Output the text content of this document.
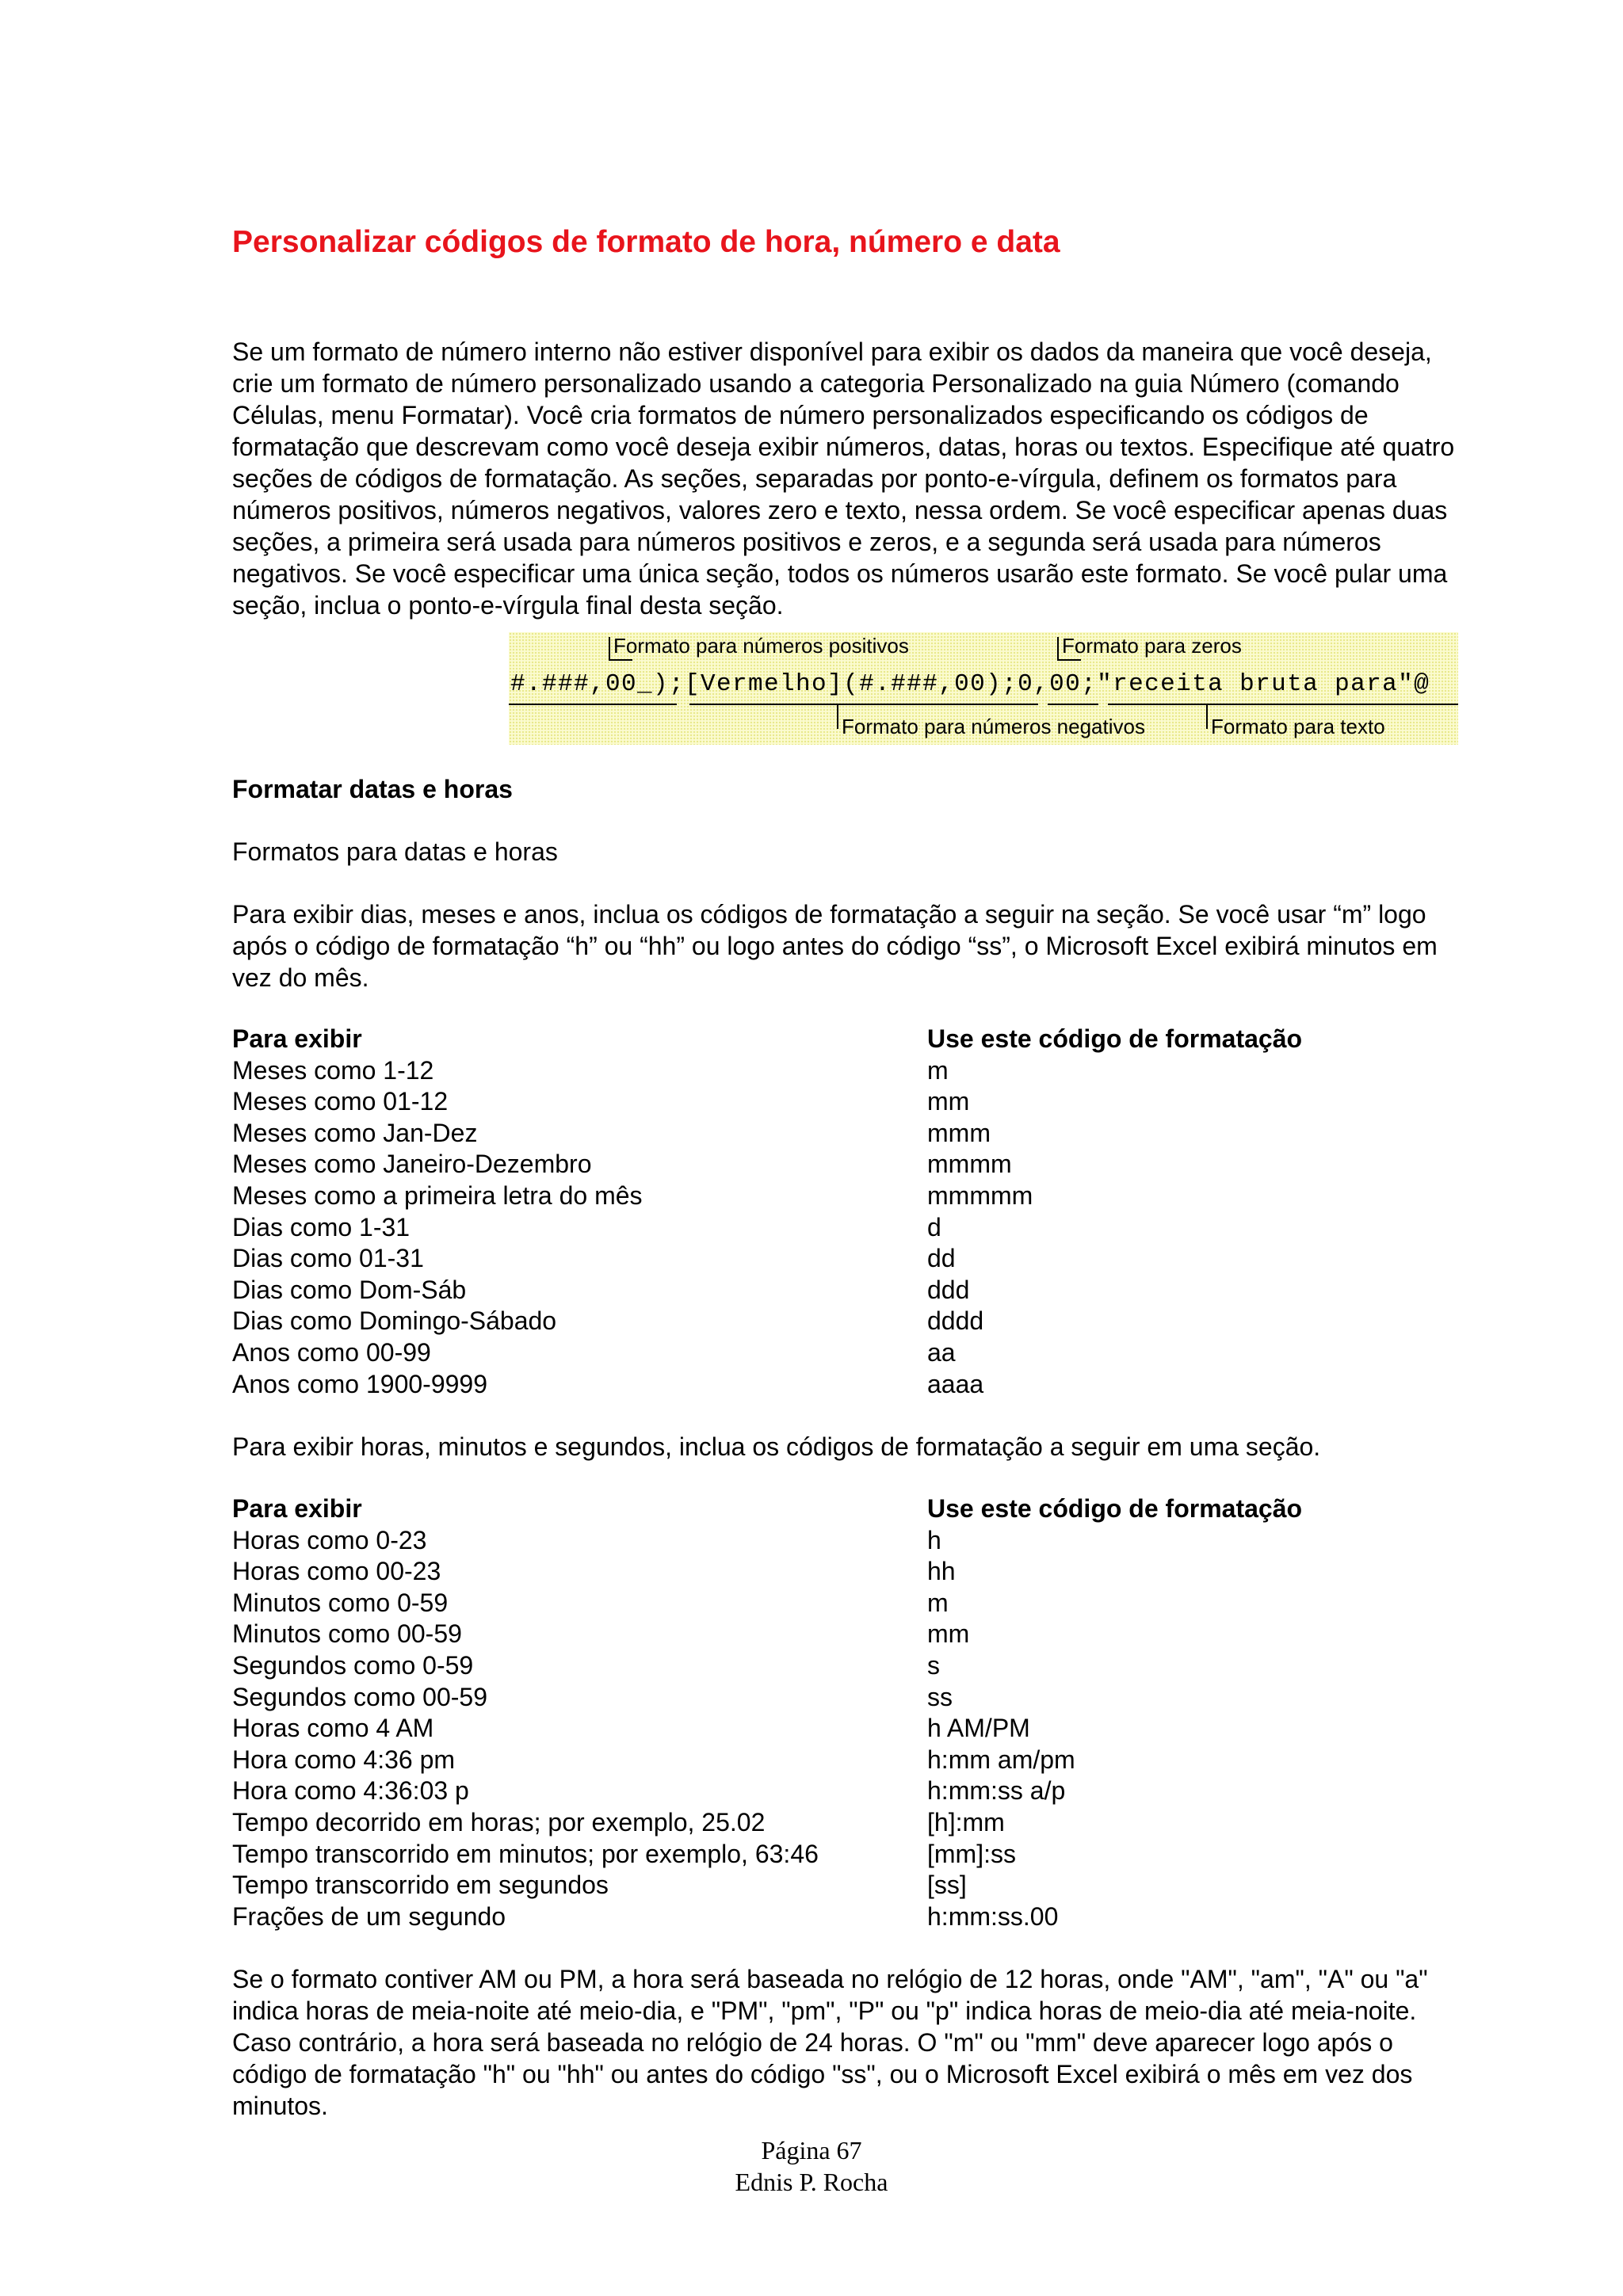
Personalizar códigos de formato de hora, número e data
Se um formato de número interno não estiver disponível para exibir os dados da maneira que você deseja, crie um formato de número personalizado usando a categoria Personalizado na guia Número (comando Células, menu Formatar). Você cria formatos de número personalizados especificando os códigos de formatação que descrevam como você deseja exibir números, datas, horas ou textos. Especifique até quatro seções de códigos de formatação. As seções, separadas por ponto-e-vírgula, definem os formatos para números positivos, números negativos, valores zero e texto, nessa ordem. Se você especificar apenas duas seções, a primeira será usada para números positivos e zeros, e a segunda será usada para números negativos. Se você especificar uma única seção, todos os números usarão este formato. Se você pular uma seção, inclua o ponto-e-vírgula final desta seção.
Formato para números positivos	Formato para zeros
#.###,00_);[Vermelho](#.###,00);0,00;"receita bruta para"@
Formato para números negativos	Formato para texto
Formatar datas e horas
Formatos para datas e horas
Para exibir dias, meses e anos, inclua os códigos de formatação a seguir na seção. Se você usar “m” logo após o código de formatação “h” ou “hh” ou logo antes do código “ss”, o Microsoft Excel exibirá minutos em vez do mês.
Para exibir	Use este código de formatação
Meses como 1-12	m
Meses como 01-12	mm
Meses como Jan-Dez	mmm
Meses como Janeiro-Dezembro	mmmm
Meses como a primeira letra do mês	mmmmm
Dias como 1-31	d
Dias como 01-31	dd
Dias como Dom-Sáb	ddd
Dias como Domingo-Sábado	dddd
Anos como 00-99	aa
Anos como 1900-9999	aaaa
Para exibir horas, minutos e segundos, inclua os códigos de formatação a seguir em uma seção.
Para exibir	Use este código de formatação
Horas como 0-23	h
Horas como 00-23	hh
Minutos como 0-59	m
Minutos como 00-59	mm
Segundos como 0-59	s
Segundos como 00-59	ss
Horas como 4 AM	h AM/PM
Hora como 4:36 pm	h:mm am/pm
Hora como 4:36:03 p	h:mm:ss a/p
Tempo decorrido em horas; por exemplo, 25.02	[h]:mm
Tempo transcorrido em minutos; por exemplo, 63:46	[mm]:ss
Tempo transcorrido em segundos	[ss]
Frações de um segundo	h:mm:ss.00
Se o formato contiver AM ou PM, a hora será baseada no relógio de 12 horas, onde "AM", "am", "A" ou "a" indica horas de meia-noite até meio-dia, e "PM", "pm", "P" ou "p" indica horas de meio-dia até meia-noite. Caso contrário, a hora será baseada no relógio de 24 horas. O "m" ou "mm" deve aparecer logo após o código de formatação "h" ou "hh" ou antes do código "ss", ou o Microsoft Excel exibirá o mês em vez dos minutos.
Página 67
Ednis P. Rocha
